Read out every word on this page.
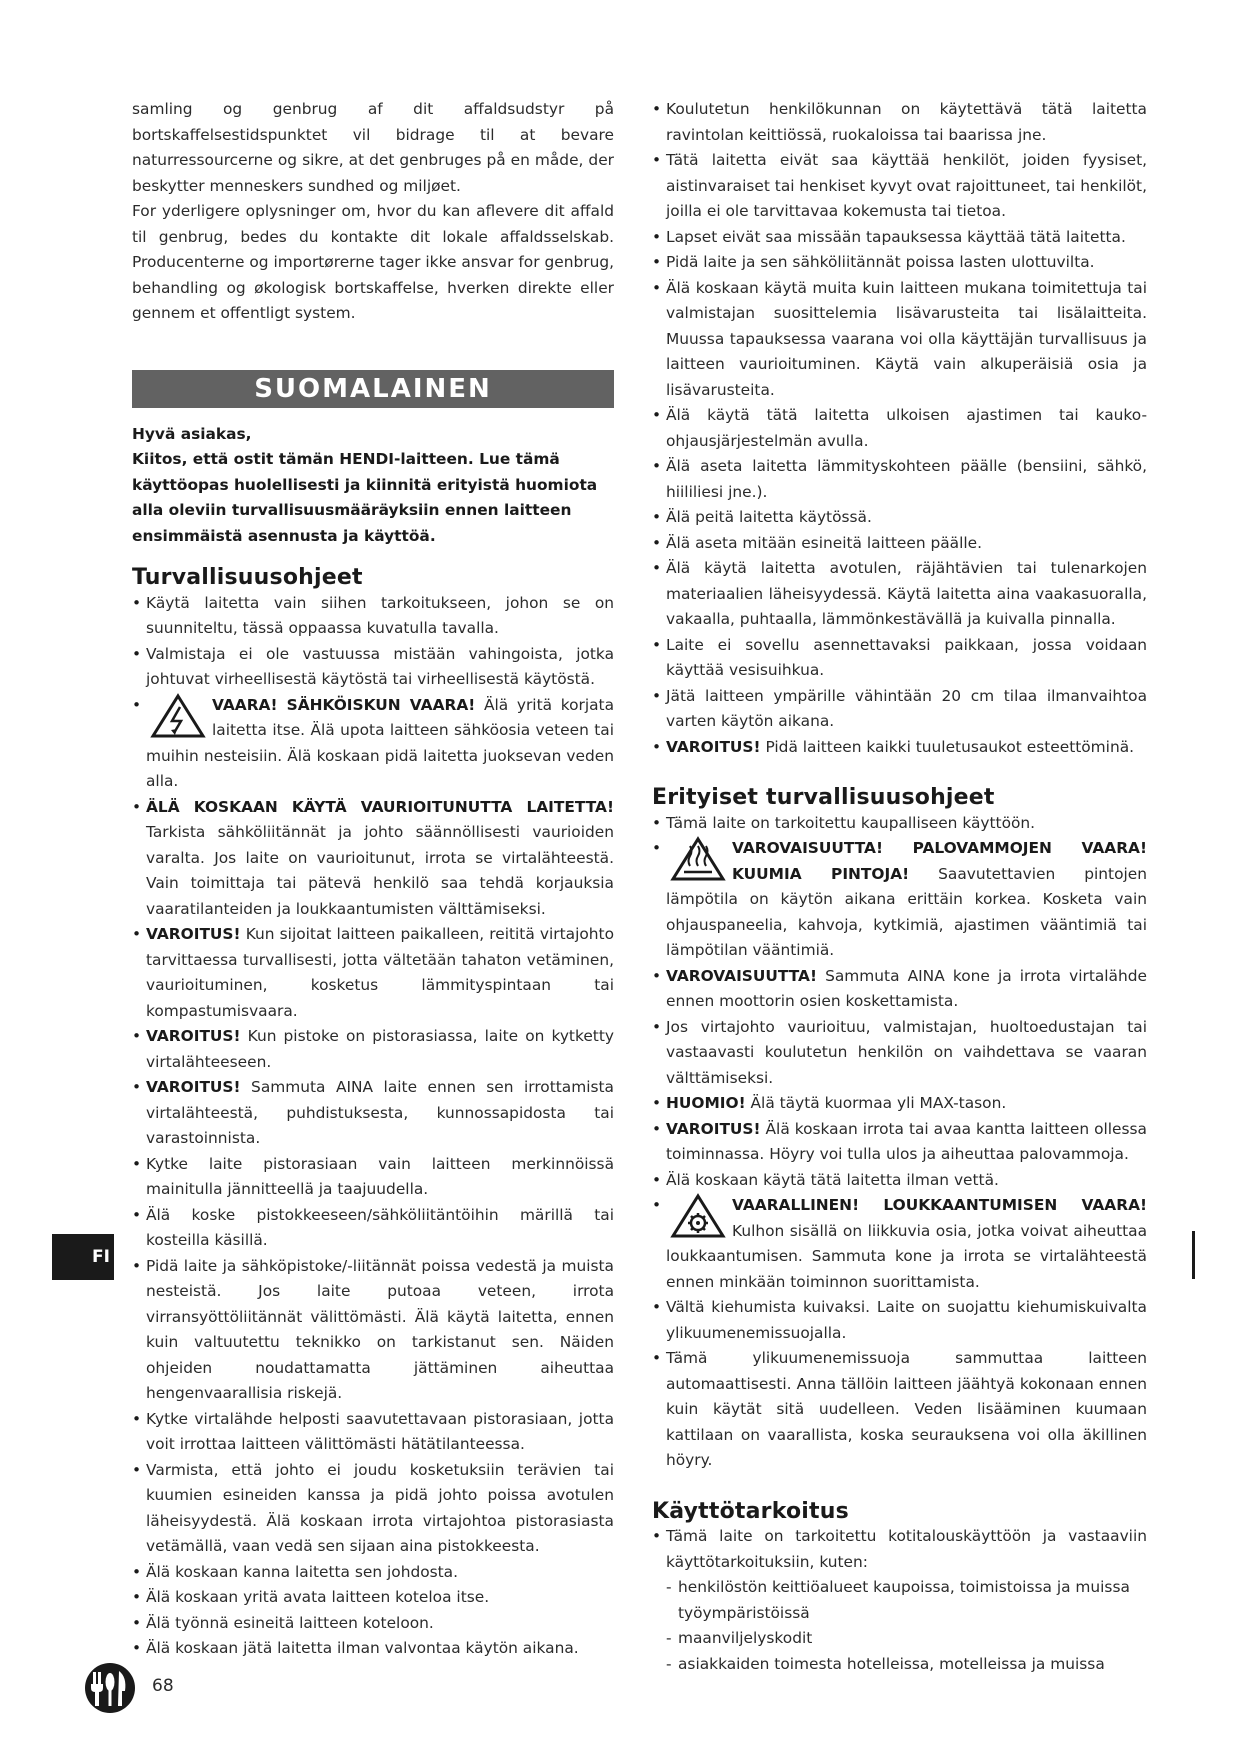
samling og genbrug af dit affaldsudstyr på bortskaffelsestidspunktet vil bidrage til at bevare naturressourcerne og sikre, at det genbruges på en måde, der beskytter menneskers sundhed og miljøet.

For yderligere oplysninger om, hvor du kan aflevere dit affald til genbrug, bedes du kontakte dit lokale affaldsselskab. Producenterne og importørerne tager ikke ansvar for genbrug, behandling og økologisk bortskaffelse, hverken direkte eller gennem et offentligt system.

SUOMALAINEN

Hyvä asiakas,

Kiitos, että ostit tämän HENDI-laitteen. Lue tämä käyttöopas huolellisesti ja kiinnitä erityistä huomiota alla oleviin turvallisuusmääräyksiin ennen laitteen ensimmäistä asennusta ja käyttöä.

Turvallisuusohjeet
• Käytä laitetta vain siihen tarkoitukseen, johon se on suunniteltu, tässä oppaassa kuvatulla tavalla.
• Valmistaja ei ole vastuussa mistään vahingoista, jotka johtuvat virheellisestä käytöstä tai virheellisestä käytöstä.
• VAARA! SÄHKÖISKUN VAARA! Älä yritä korjata laitetta itse. Älä upota laitteen sähköosia veteen tai muihin nesteisiin. Älä koskaan pidä laitetta juoksevan veden alla.
• ÄLÄ KOSKAAN KÄYTÄ VAURIOITUNUTTA LAITETTA! Tarkista sähköliitännät ja johto säännöllisesti vaurioiden varalta. Jos laite on vaurioitunut, irrota se virtalähteestä. Vain toimittaja tai pätevä henkilö saa tehdä korjauksia vaaratilanteiden ja loukkaantumisten välttämiseksi.
• VAROITUS! Kun sijoitat laitteen paikalleen, reititä virtajohto tarvittaessa turvallisesti, jotta vältetään tahaton vetäminen, vaurioituminen, kosketus lämmityspintaan tai kompastumisvaara.
• VAROITUS! Kun pistoke on pistorasiassa, laite on kytketty virtalähteeseen.
• VAROITUS! Sammuta AINA laite ennen sen irrottamista virtalähteestä, puhdistuksesta, kunnossapidosta tai varastoinnista.
• Kytke laite pistorasiaan vain laitteen merkinnöissä mainitulla jännitteellä ja taajuudella.
• Älä koske pistokkeeseen/sähköliitäntöihin märillä tai kosteilla käsillä.
• Pidä laite ja sähköpistoke/-liitännät poissa vedestä ja muista nesteistä. Jos laite putoaa veteen, irrota virransyöttöliitännät välittömästi. Älä käytä laitetta, ennen kuin valtuutettu teknikko on tarkistanut sen. Näiden ohjeiden noudattamatta jättäminen aiheuttaa hengenvaarallisia riskejä.
• Kytke virtalähde helposti saavutettavaan pistorasiaan, jotta voit irrottaa laitteen välittömästi hätätilanteessa.
• Varmista, että johto ei joudu kosketuksiin terävien tai kuumien esineiden kanssa ja pidä johto poissa avotulen läheisyydestä. Älä koskaan irrota virtajohtoa pistorasiasta vetämällä, vaan vedä sen sijaan aina pistokkeesta.
• Älä koskaan kanna laitetta sen johdosta.
• Älä koskaan yritä avata laitteen koteloa itse.
• Älä työnnä esineitä laitteen koteloon.
• Älä koskaan jätä laitetta ilman valvontaa käytön aikana.
• Koulutetun henkilökunnan on käytettävä tätä laitetta ravintolan keittiössä, ruokaloissa tai baarissa jne.
• Tätä laitetta eivät saa käyttää henkilöt, joiden fyysiset, aistinvaraiset tai henkiset kyvyt ovat rajoittuneet, tai henkilöt, joilla ei ole tarvittavaa kokemusta tai tietoa.
• Lapset eivät saa missään tapauksessa käyttää tätä laitetta.
• Pidä laite ja sen sähköliitännät poissa lasten ulottuvilta.
• Älä koskaan käytä muita kuin laitteen mukana toimitettuja tai valmistajan suosittelemia lisävarusteita tai lisälaitteita. Muussa tapauksessa vaarana voi olla käyttäjän turvallisuus ja laitteen vaurioituminen. Käytä vain alkuperäisiä osia ja lisävarusteita.
• Älä käytä tätä laitetta ulkoisen ajastimen tai kauko-ohjausjärjestelmän avulla.
• Älä aseta laitetta lämmityskohteen päälle (bensiini, sähkö, hiililiesi jne.).
• Älä peitä laitetta käytössä.
• Älä aseta mitään esineitä laitteen päälle.
• Älä käytä laitetta avotulen, räjähtävien tai tulenarkojen materiaalien läheisyydessä. Käytä laitetta aina vaakasuoralla, vakaalla, puhtaalla, lämmönkestävällä ja kuivalla pinnalla.
• Laite ei sovellu asennettavaksi paikkaan, jossa voidaan käyttää vesisuihkua.
• Jätä laitteen ympärille vähintään 20 cm tilaa ilmanvaihtoa varten käytön aikana.
• VAROITUS! Pidä laitteen kaikki tuuletusaukot esteettöminä.
Erityiset turvallisuusohjeet
• Tämä laite on tarkoitettu kaupalliseen käyttöön.
• VAROVAISUUTTA! PALOVAMMOJEN VAARA! KUUMIA PINTOJA! Saavutettavien pintojen lämpötila on käytön aikana erittäin korkea. Kosketa vain ohjauspaneelia, kahvoja, kytkimiä, ajastimen vääntimiä tai lämpötilan vääntimiä.
• VAROVAISUUTTA! Sammuta AINA kone ja irrota virtalähde ennen moottorin osien koskettamista.
• Jos virtajohto vaurioituu, valmistajan, huoltoedustajan tai vastaavasti koulutetun henkilön on vaihdettava se vaaran välttämiseksi.
• HUOMIO! Älä täytä kuormaa yli MAX-tason.
• VAROITUS! Älä koskaan irrota tai avaa kantta laitteen ollessa toiminnassa. Höyry voi tulla ulos ja aiheuttaa palovammoja.
• Älä koskaan käytä tätä laitetta ilman vettä.
• VAARALLINEN! LOUKKAANTUMISEN VAARA! Kulhon sisällä on liikkuvia osia, jotka voivat aiheuttaa loukkaantumisen. Sammuta kone ja irrota se virtalähteestä ennen minkään toiminnon suorittamista.
• Vältä kiehumista kuivaksi. Laite on suojattu kiehumiskuivalta ylikuumenemissuojalla.
• Tämä ylikuumenemissuoja sammuttaa laitteen automaattisesti. Anna tällöin laitteen jäähtyä kokonaan ennen kuin käytät sitä uudelleen. Veden lisääminen kuumaan kattilaan on vaarallista, koska seurauksena voi olla äkillinen höyry.
Käyttötarkoitus
• Tämä laite on tarkoitettu kotitalouskäyttöön ja vastaaviin käyttötarkoituksiin, kuten:
- henkilöstön keittiöalueet kaupoissa, toimistoissa ja muissa työympäristöissä
- maanviljelyskodit
- asiakkaiden toimesta hotelleissa, motelleissa ja muissa
FI
68
